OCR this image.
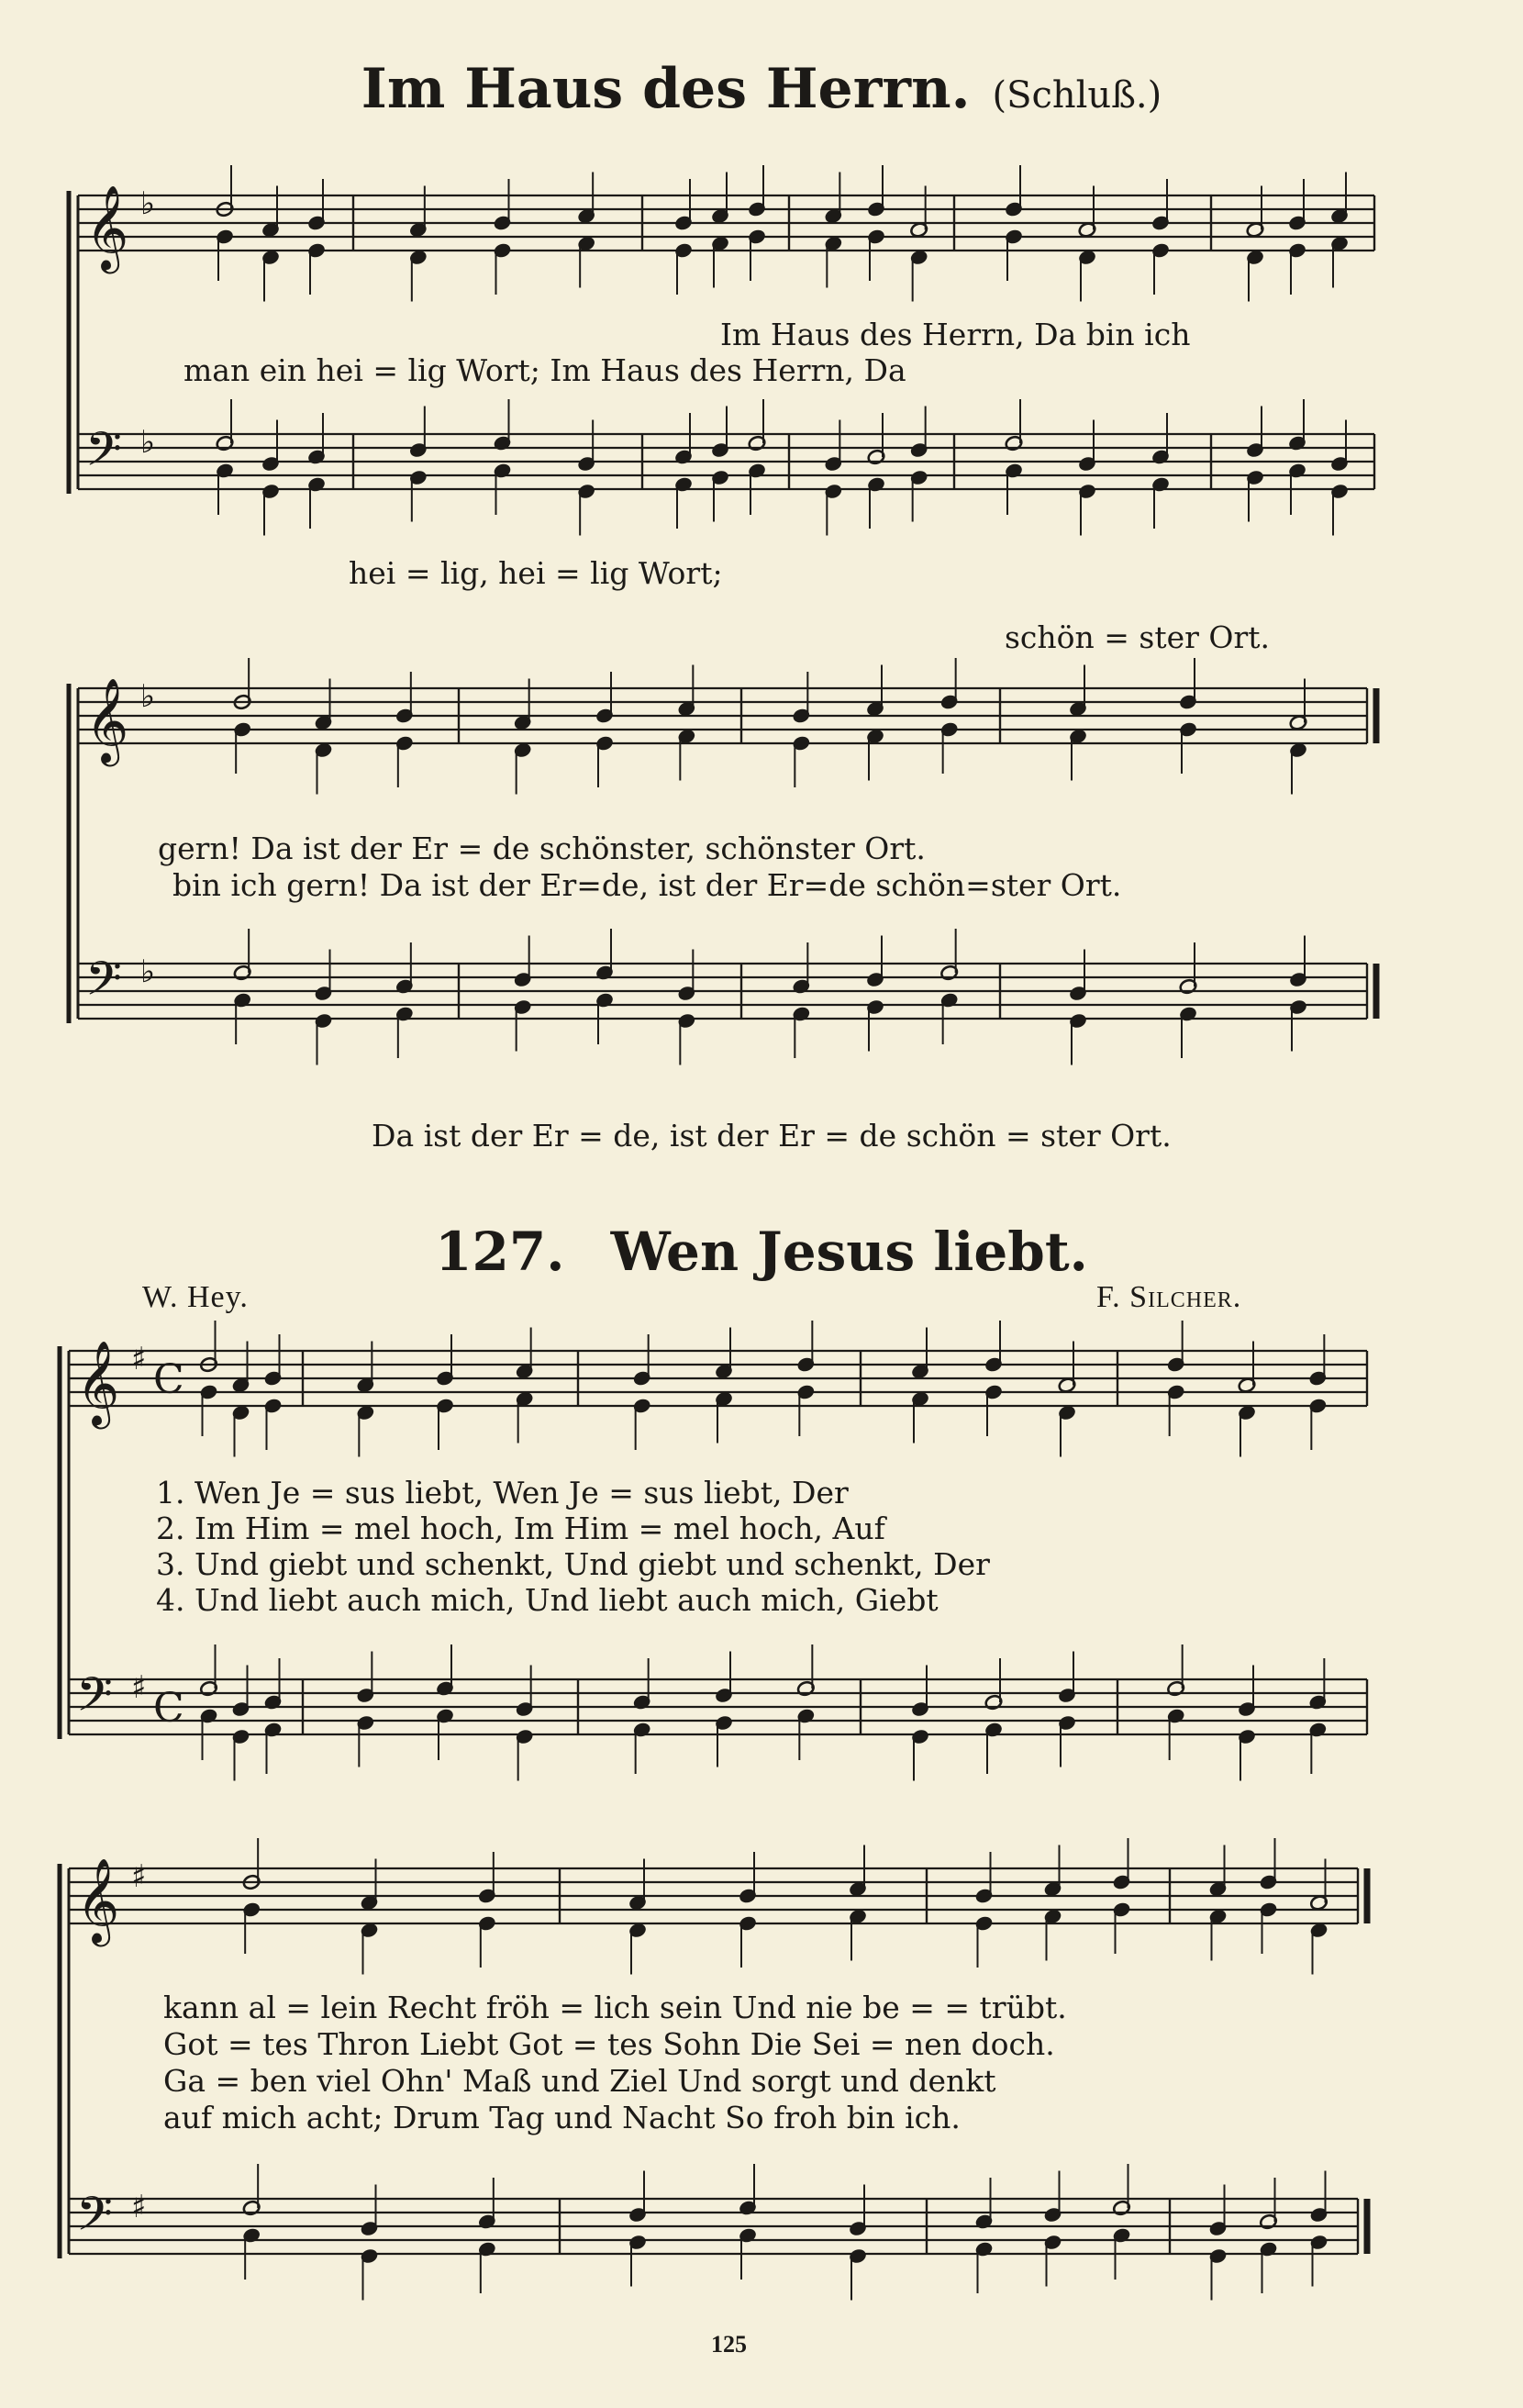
Im Haus des Herrn. (Schluß.)
𝄞
𝄢
♭
♭
𝄞
𝄢
♭
♭
𝄞
𝄢
♯
♯
C
C
𝄞
𝄢
♯
♯
Im Haus des Herrn, Da bin ich
man ein hei = lig Wort; Im Haus des Herrn, Da
hei = lig, hei = lig Wort;
schön = ster Ort.
gern! Da ist der Er = de schönster, schönster Ort.
bin ich gern! Da ist der Er=de, ist der Er=de schön=ster Ort.
Da ist der Er = de, ist der Er = de schön = ster Ort.
127. Wen Jesus liebt.
W. Hey.	F. Silcher.
1. Wen Je = sus liebt, Wen Je = sus liebt, Der
2. Im Him = mel hoch, Im Him = mel hoch, Auf
3. Und giebt und schenkt, Und giebt und schenkt, Der
4. Und liebt auch mich, Und liebt auch mich, Giebt
kann al = lein Recht fröh = lich sein Und nie be = = trübt.
Got = tes Thron Liebt Got = tes Sohn Die Sei = nen doch.
Ga = ben viel Ohn' Maß und Ziel Und sorgt und denkt
auf mich acht; Drum Tag und Nacht So froh bin ich.
125
